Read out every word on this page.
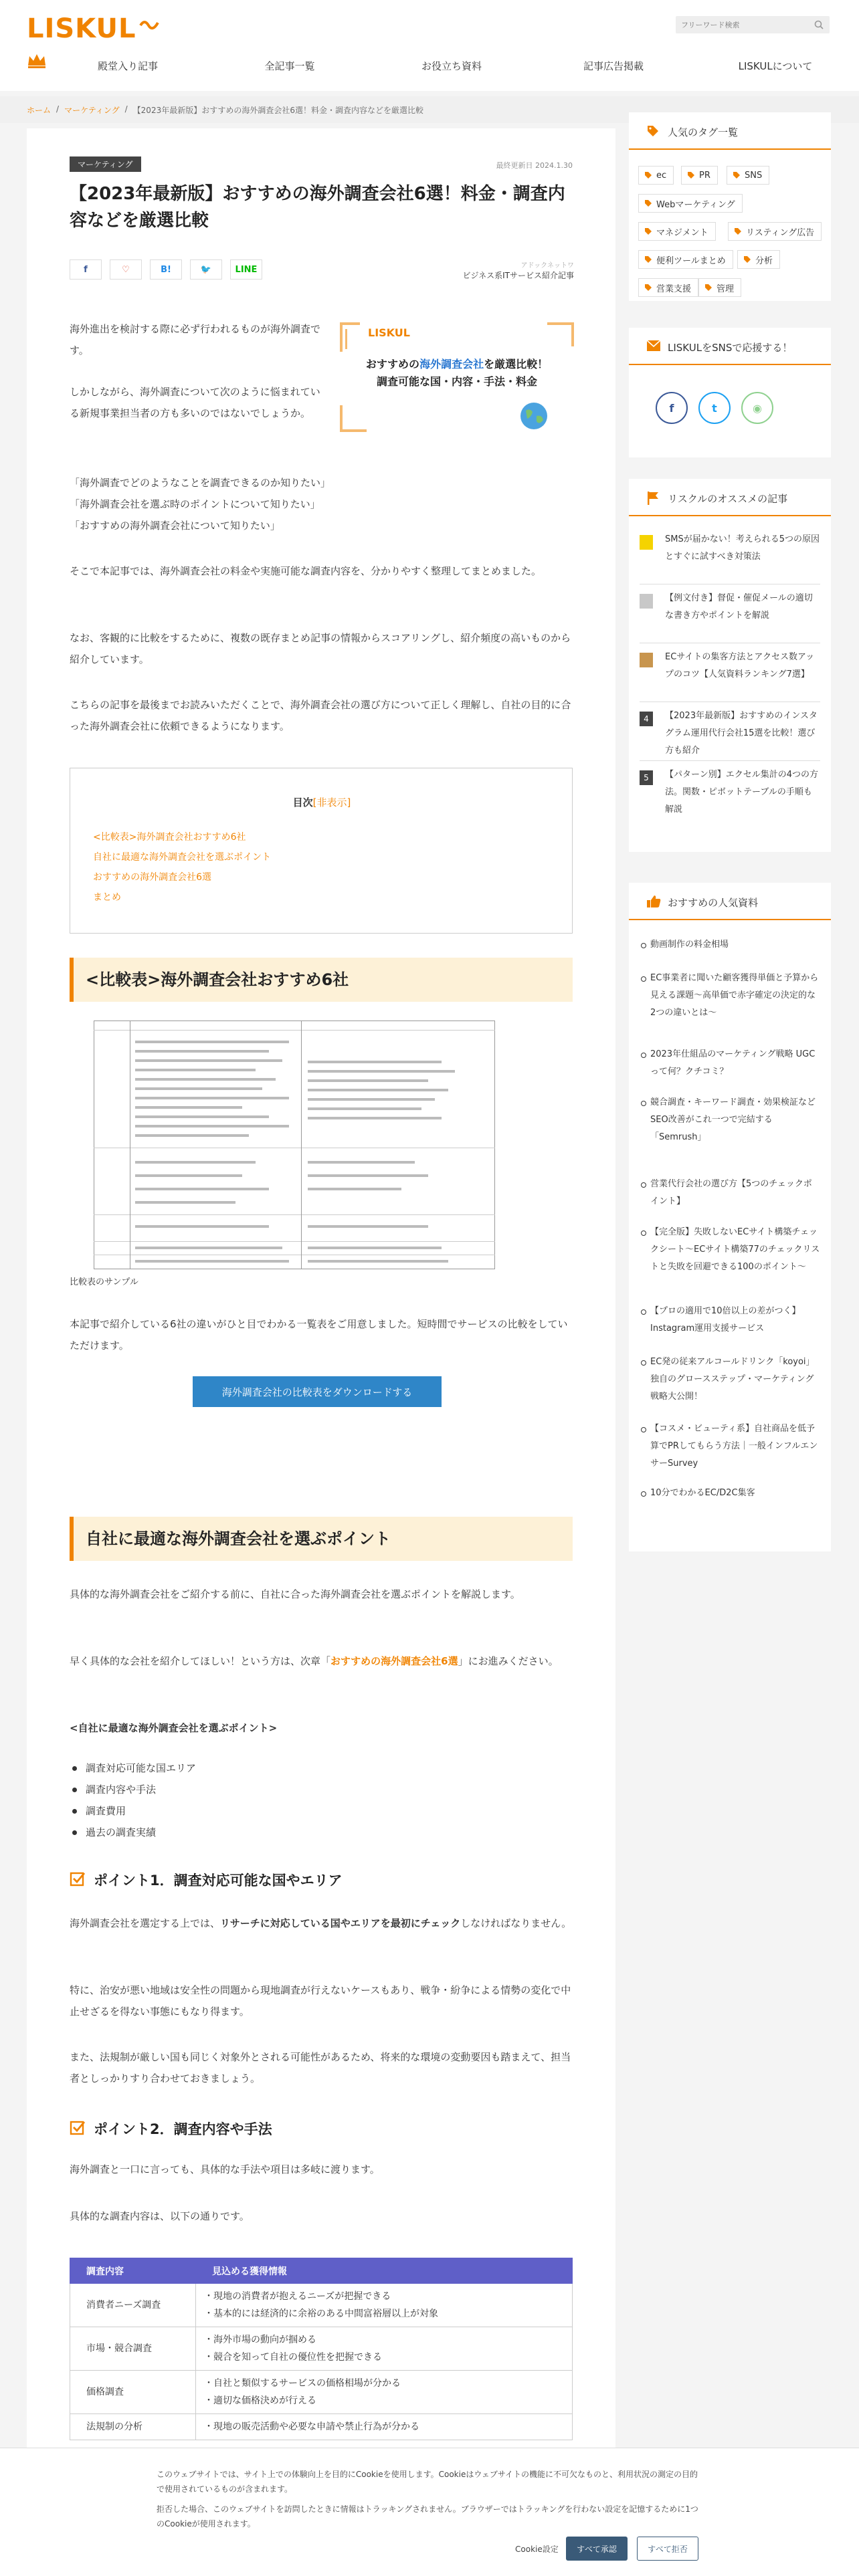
LISKUL
フリーワード検索
殿堂入り記事	全記事一覧	お役立ち資料	記事広告掲載	LISKULについて
ホーム / マーケティング / 【2023年最新版】おすすめの海外調査会社6選！料金・調査内容などを厳選比較
マーケティング	最終更新日 2024.1.30
【2023年最新版】おすすめの海外調査会社6選！料金・調査内容などを厳選比較
f	♡	B!	🐦	LINE	アドックネットワ
ビジネス系ITサービス紹介記事
LISKUL
おすすめの海外調査会社を厳選比較！
調査可能な国・内容・手法・料金
海外進出を検討する際に必ず行われるものが海外調査です。
しかしながら、海外調査について次のように悩まれている新規事業担当者の方も多いのではないでしょうか。
「海外調査でどのようなことを調査できるのか知りたい」
「海外調査会社を選ぶ時のポイントについて知りたい」
「おすすめの海外調査会社について知りたい」
そこで本記事では、海外調査会社の料金や実施可能な調査内容を、分かりやすく整理してまとめました。
なお、客観的に比較をするために、複数の既存まとめ記事の情報からスコアリングし、紹介頻度の高いものから紹介しています。
こちらの記事を最後までお読みいただくことで、海外調査会社の選び方について正しく理解し、自社の目的に合った海外調査会社に依頼できるようになります。
目次[非表示]
<比較表>海外調査会社おすすめ6社
自社に最適な海外調査会社を選ぶポイント
おすすめの海外調査会社6選
まとめ
<比較表>海外調査会社おすすめ6社
比較表のサンプル
本記事で紹介している6社の違いがひと目でわかる一覧表をご用意しました。短時間でサービスの比較をしていただけます。
海外調査会社の比較表をダウンロードする
自社に最適な海外調査会社を選ぶポイント
具体的な海外調査会社をご紹介する前に、自社に合った海外調査会社を選ぶポイントを解説します。
早く具体的な会社を紹介してほしい！という方は、次章「おすすめの海外調査会社6選」にお進みください。
<自社に最適な海外調査会社を選ぶポイント>
調査対応可能な国エリア
調査内容や手法
調査費用
過去の調査実績
ポイント1．調査対応可能な国やエリア
海外調査会社を選定する上では、リサーチに対応している国やエリアを最初にチェックしなければなりません。
特に、治安が悪い地域は安全性の問題から現地調査が行えないケースもあり、戦争・紛争による情勢の変化で中止せざるを得ない事態にもなり得ます。
また、法規制が厳しい国も同じく対象外とされる可能性があるため、将来的な環境の変動要因も踏まえて、担当者としっかりすり合わせておきましょう。
ポイント2．調査内容や手法
海外調査と一口に言っても、具体的な手法や項目は多岐に渡ります。
具体的な調査内容は、以下の通りです。
調査内容	見込める獲得情報
消費者ニーズ調査	・現地の消費者が抱えるニーズが把握できる
・基本的には経済的に余裕のある中間富裕層以上が対象

市場・競合調査	・海外市場の動向が掴める
・競合を知って自社の優位性を把握できる

価格調査	・自社と類似するサービスの価格相場が分かる
・適切な価格決めが行える

法規制の分析	・現地の販売活動や必要な申請や禁止行為が分かる
人気のタグ一覧
ec	PR	SNS
Webマーケティング
マネジメント	リスティング広告
便利ツールまとめ	分析
営業支援	管理
LISKULをSNSで応援する！
f	t	◉
リスクルのオススメの記事
SMSが届かない！考えられる5つの原因とすぐに試すべき対策法
【例文付き】督促・催促メールの適切な書き方やポイントを解説
ECサイトの集客方法とアクセス数アップのコツ【人気資料ランキング7選】
4	【2023年最新版】おすすめのインスタグラム運用代行会社15選を比較！選び方も紹介
5	【パターン別】エクセル集計の4つの方法。関数・ピボットテーブルの手順も解説
おすすめの人気資料
動画制作の料金相場
EC事業者に聞いた顧客獲得単価と予算から見える課題〜高単価で赤字確定の決定的な2つの違いとは〜
2023年仕組品のマーケティング戦略 UGCって何？クチコミ？
競合調査・キーワード調査・効果検証などSEO改善がこれ一つで完結する「Semrush」
営業代行会社の選び方【5つのチェックポイント】
【完全版】失敗しないECサイト構築チェックシート〜ECサイト構築77のチェックリストと失敗を回避できる100のポイント〜
【プロの適用で10倍以上の差がつく】Instagram運用支援サービス
EC発の従来アルコールドリンク「koyoi」独自のグロースステップ・マーケティング戦略大公開！
【コスメ・ビューティ系】自社商品を低予算でPRしてもらう方法｜一般インフルエンサーSurvey
10分でわかるEC/D2C集客
このウェブサイトでは、サイト上での体験向上を目的にCookieを使用します。Cookieはウェブサイトの機能に不可欠なものと、利用状況の測定の目的で使用されているものが含まれます。
拒否した場合、このウェブサイトを訪問したときに情報はトラッキングされません。ブラウザーではトラッキングを行わない設定を記憶するために1つのCookieが使用されます。
Cookie設定	すべて承認	すべて拒否
